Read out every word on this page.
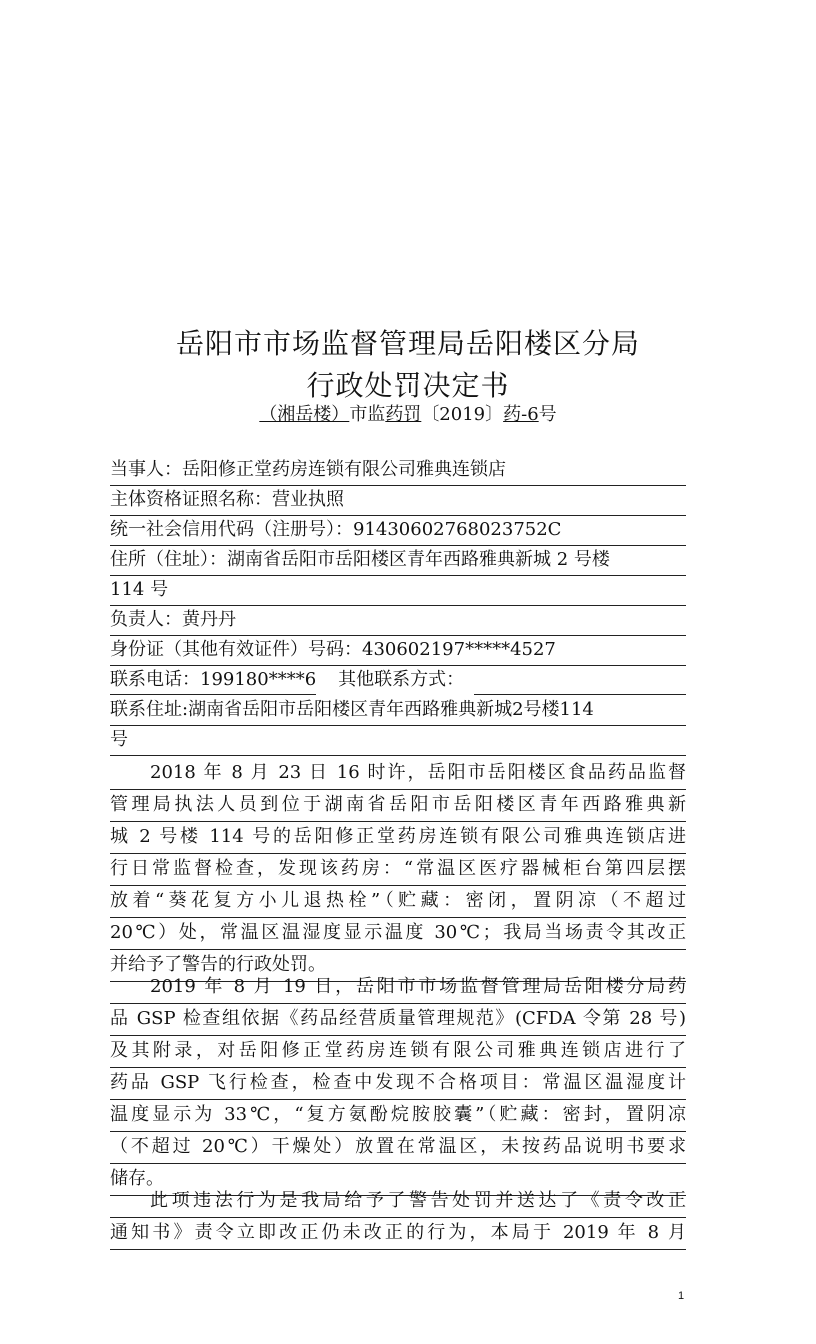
岳阳市市场监督管理局岳阳楼区分局
行政处罚决定书
（湘岳楼）市监药罚〔2019〕药-6号
当事人：岳阳修正堂药房连锁有限公司雅典连锁店
主体资格证照名称：营业执照
统一社会信用代码（注册号）：91430602768023752C
住所（住址）：湖南省岳阳市岳阳楼区青年西路雅典新城 2 号楼
114 号
负责人：黄丹丹
身份证（其他有效证件）号码：430602197*****4527
联系电话：199180****6 其他联系方式：
联系住址:湖南省岳阳市岳阳楼区青年西路雅典新城2号楼114
号
2018 年 8 月 23 日 16 时许，岳阳市岳阳楼区食品药品监督
管理局执法人员到位于湖南省岳阳市岳阳楼区青年西路雅典新
城 2 号楼 114 号的岳阳修正堂药房连锁有限公司雅典连锁店进
行日常监督检查，发现该药房：“常温区医疗器械柜台第四层摆
放着“葵花复方小儿退热栓”（贮藏：密闭，置阴凉（不超过
20℃）处，常温区温湿度显示温度 30℃；我局当场责令其改正
并给予了警告的行政处罚。
2019 年 8 月 19 日，岳阳市市场监督管理局岳阳楼分局药
品 GSP 检查组依据《药品经营质量管理规范》(CFDA 令第 28 号)
及其附录，对岳阳修正堂药房连锁有限公司雅典连锁店进行了
药品 GSP 飞行检查，检查中发现不合格项目：常温区温湿度计
温度显示为 33℃，“复方氨酚烷胺胶囊”（贮藏：密封，置阴凉
（不超过 20℃）干燥处）放置在常温区，未按药品说明书要求
储存。
此项违法行为是我局给予了警告处罚并送达了《责令改正
通知书》责令立即改正仍未改正的行为，本局于 2019 年 8 月
1
